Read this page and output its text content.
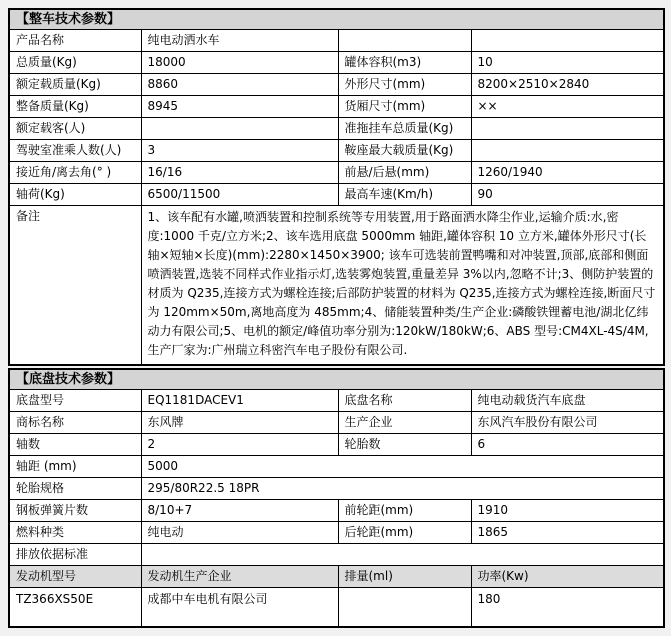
【整车技术参数】			
产品名称	纯电动洒水车		
总质量(Kg)	18000	罐体容积(m3)	10
额定载质量(Kg)	8860	外形尺寸(mm)	8200×2510×2840
整备质量(Kg)	8945	货厢尺寸(mm)	××
额定载客(人)		准拖挂车总质量(Kg)	
驾驶室准乘人数(人)	3	鞍座最大载质量(Kg)	
接近角/离去角(° )	16/16	前悬/后悬(mm)	1260/1940
轴荷(Kg)	6500/11500	最高车速(Km/h)	90
备注	1、该车配有水罐,喷洒装置和控制系统等专用装置,用于路面洒水降尘作业,运输介质:水,密度:1000 千克/立方米;2、该车选用底盘 5000mm 轴距,罐体容积 10 立方米,罐体外形尺寸(长轴×短轴×长度)(mm):2280×1450×3900; 该车可选装前置鸭嘴和对冲装置,顶部,底部和侧面喷洒装置,选装不同样式作业指示灯,选装雾炮装置,重量差异 3%以内,忽略不计;3、侧防护装置的材质为 Q235,连接方式为螺栓连接;后部防护装置的材料为 Q235,连接方式为螺栓连接,断面尺寸为 120mm×50m,离地高度为 485mm;4、储能装置种类/生产企业:磷酸铁锂蓄电池/湖北亿纬动力有限公司;5、电机的额定/峰值功率分别为:120kW/180kW;6、ABS 型号:CM4XL-4S/4M,生产厂家为:广州瑞立科密汽车电子股份有限公司.		
【底盘技术参数】			
底盘型号	EQ1181DACEV1	底盘名称	纯电动载货汽车底盘
商标名称	东风牌	生产企业	东风汽车股份有限公司
轴数	2	轮胎数	6
轴距 (mm)	5000		
轮胎规格	295/80R22.5 18PR		
钢板弹簧片数	8/10+7	前轮距(mm)	1910
燃料种类	纯电动	后轮距(mm)	1865
排放依据标准			
发动机型号	发动机生产企业	排量(ml)	功率(Kw)
TZ366XS50E	成都中车电机有限公司		180
